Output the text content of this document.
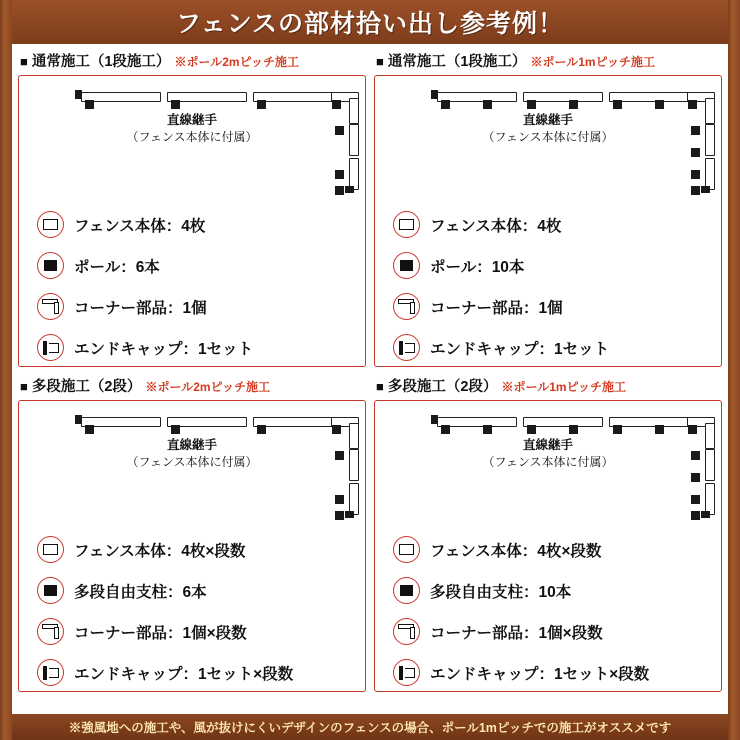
フェンスの部材拾い出し参考例！
■ 通常施工（1段施工） ※ポール2mピッチ施工
直線継手
（フェンス本体に付属）
フェンス本体：4枚
ポール：6本
コーナー部品：1個
エンドキャップ：1セット
■ 通常施工（1段施工） ※ポール1mピッチ施工
直線継手
（フェンス本体に付属）
フェンス本体：4枚
ポール：10本
コーナー部品：1個
エンドキャップ：1セット
■ 多段施工（2段） ※ポール2mピッチ施工
直線継手
（フェンス本体に付属）
フェンス本体：4枚×段数
多段自由支柱：6本
コーナー部品：1個×段数
エンドキャップ：1セット×段数
■ 多段施工（2段） ※ポール1mピッチ施工
直線継手
（フェンス本体に付属）
フェンス本体：4枚×段数
多段自由支柱：10本
コーナー部品：1個×段数
エンドキャップ：1セット×段数
※強風地への施工や、風が抜けにくいデザインのフェンスの場合、ポール1mピッチでの施工がオススメです
